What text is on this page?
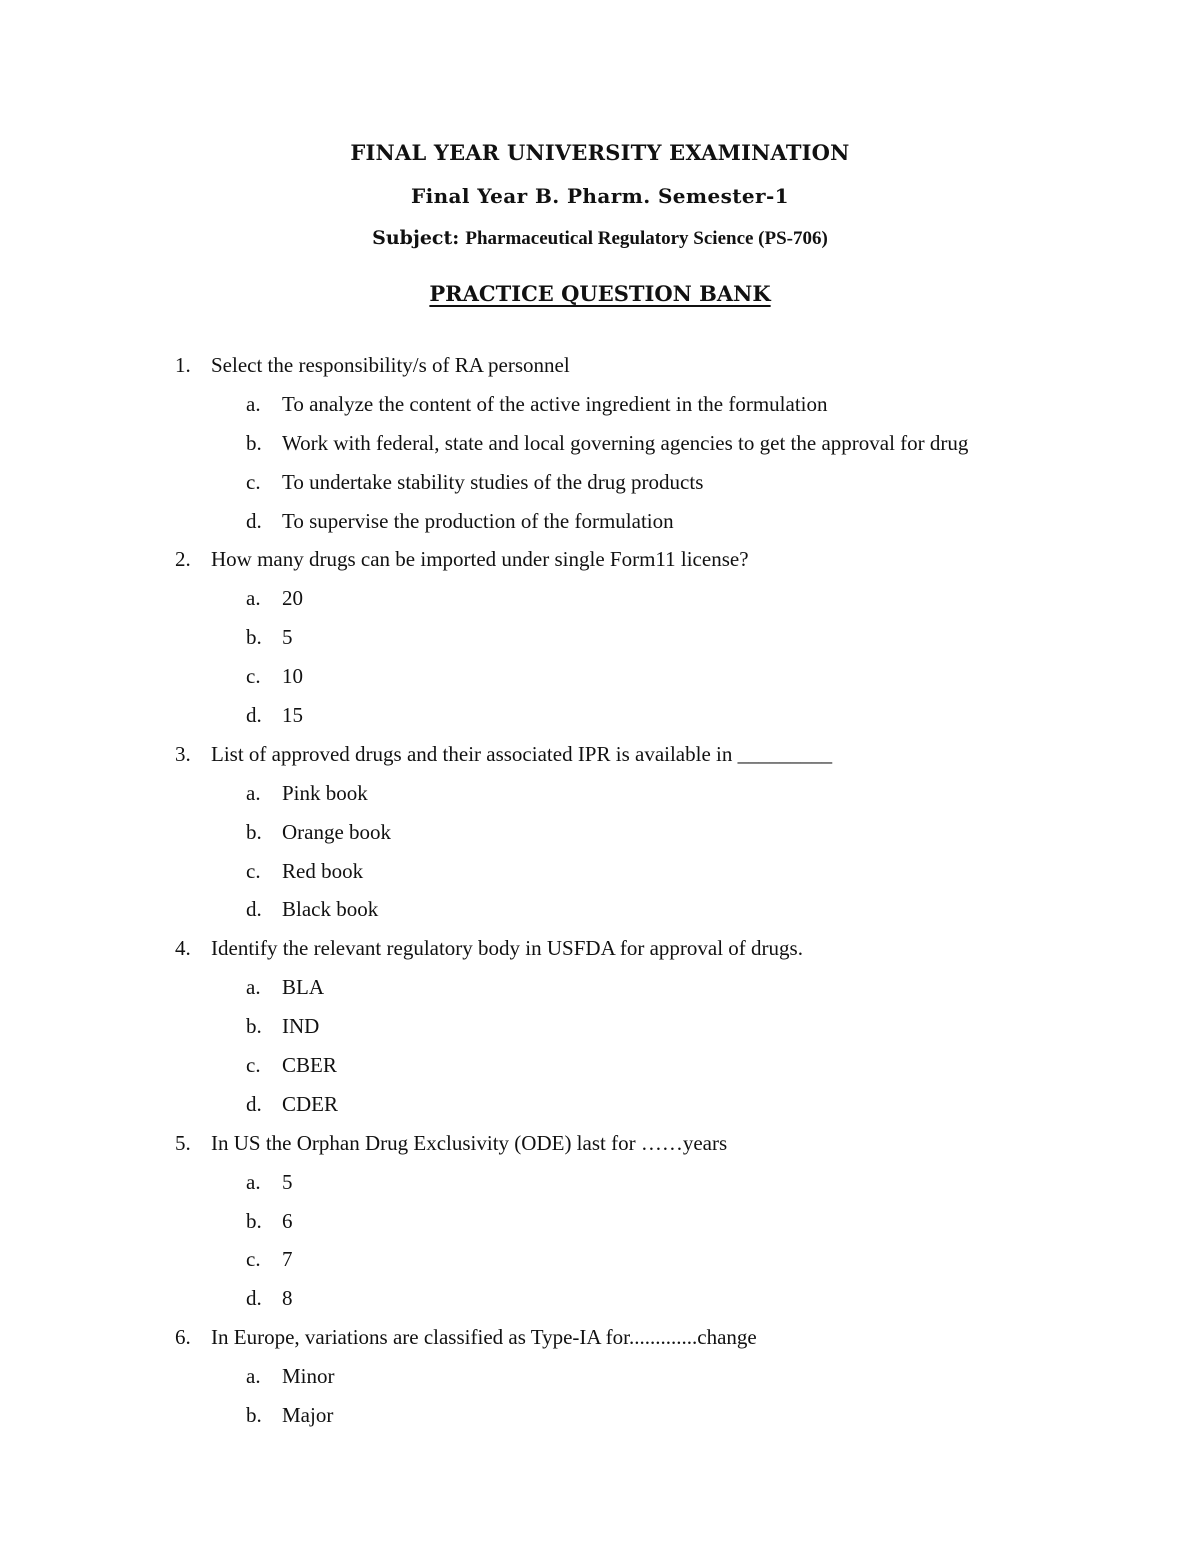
FINAL YEAR UNIVERSITY EXAMINATION
Final Year B. Pharm. Semester-1
Subject: Pharmaceutical Regulatory Science (PS-706)
PRACTICE QUESTION BANK
1. Select the responsibility/s of RA personnel
a. To analyze the content of the active ingredient in the formulation
b. Work with federal, state and local governing agencies to get the approval for drug
c. To undertake stability studies of the drug products
d. To supervise the production of the formulation
2. How many drugs can be imported under single Form11 license?
a. 20
b. 5
c. 10
d. 15
3. List of approved drugs and their associated IPR is available in _________
a. Pink book
b. Orange book
c. Red book
d. Black book
4. Identify the relevant regulatory body in USFDA for approval of drugs.
a. BLA
b. IND
c. CBER
d. CDER
5. In US the Orphan Drug Exclusivity (ODE) last for ……years
a. 5
b. 6
c. 7
d. 8
6. In Europe, variations are classified as Type-IA for.............change
a. Minor
b. Major
